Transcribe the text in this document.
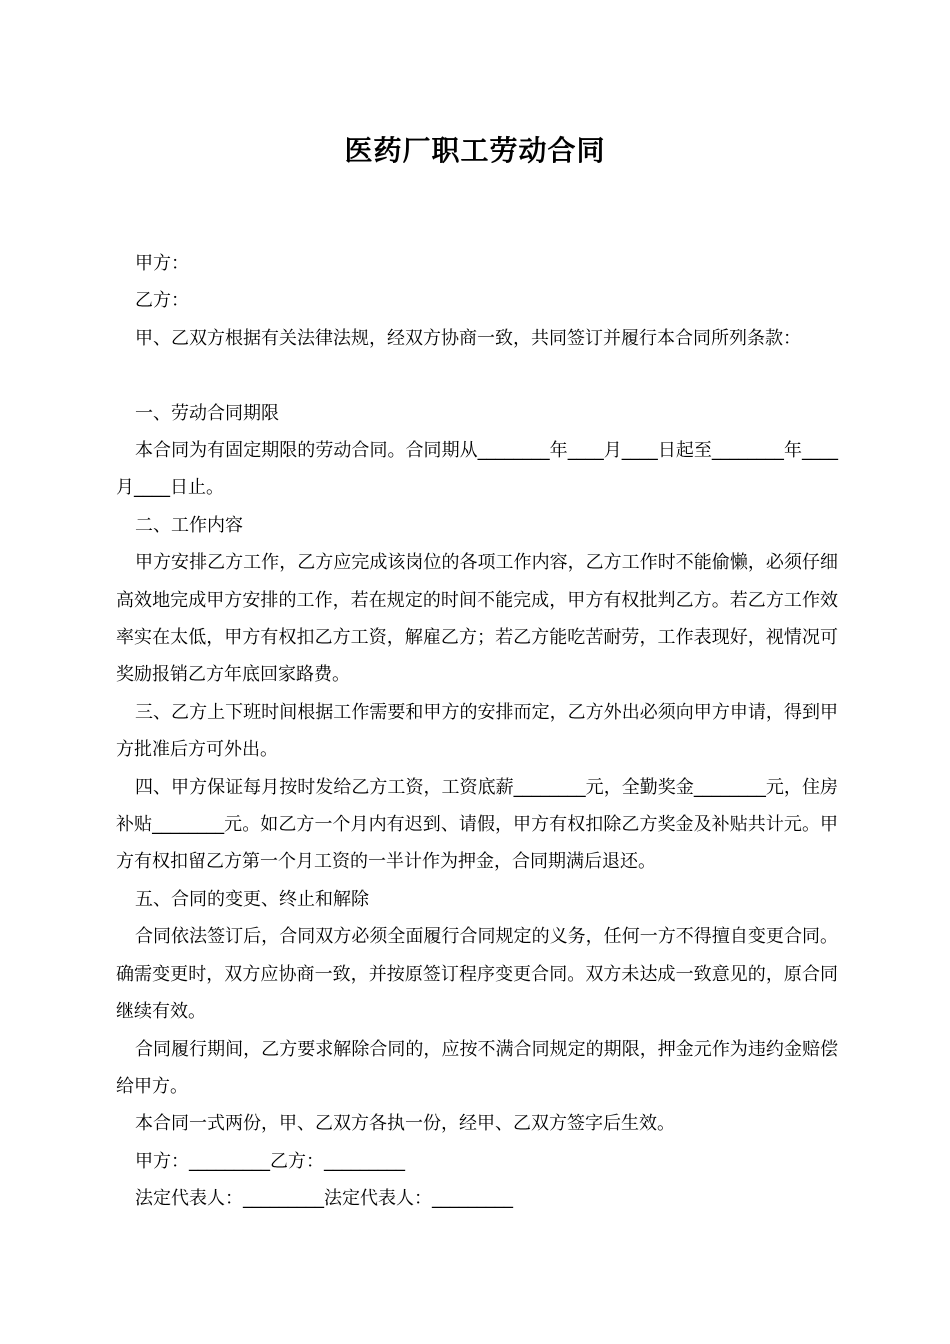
医药厂职工劳动合同

甲方：

乙方：

甲、乙双方根据有关法律法规，经双方协商一致，共同签订并履行本合同所列条款：

一、劳动合同期限

本合同为有固定期限的劳动合同。合同期从________年____月____日起至________年____月____日止。

二、工作内容

甲方安排乙方工作，乙方应完成该岗位的各项工作内容，乙方工作时不能偷懒，必须仔细高效地完成甲方安排的工作，若在规定的时间不能完成，甲方有权批判乙方。若乙方工作效率实在太低，甲方有权扣乙方工资，解雇乙方；若乙方能吃苦耐劳，工作表现好，视情况可奖励报销乙方年底回家路费。

三、乙方上下班时间根据工作需要和甲方的安排而定，乙方外出必须向甲方申请，得到甲方批准后方可外出。

四、甲方保证每月按时发给乙方工资，工资底薪________元，全勤奖金________元，住房补贴________元。如乙方一个月内有迟到、请假，甲方有权扣除乙方奖金及补贴共计元。甲方有权扣留乙方第一个月工资的一半计作为押金，合同期满后退还。

五、合同的变更、终止和解除

合同依法签订后，合同双方必须全面履行合同规定的义务，任何一方不得擅自变更合同。确需变更时，双方应协商一致，并按原签订程序变更合同。双方未达成一致意见的，原合同继续有效。

合同履行期间，乙方要求解除合同的，应按不满合同规定的期限，押金元作为违约金赔偿给甲方。

本合同一式两份，甲、乙双方各执一份，经甲、乙双方签字后生效。

甲方：_________乙方：_________

法定代表人：_________法定代表人：_________
